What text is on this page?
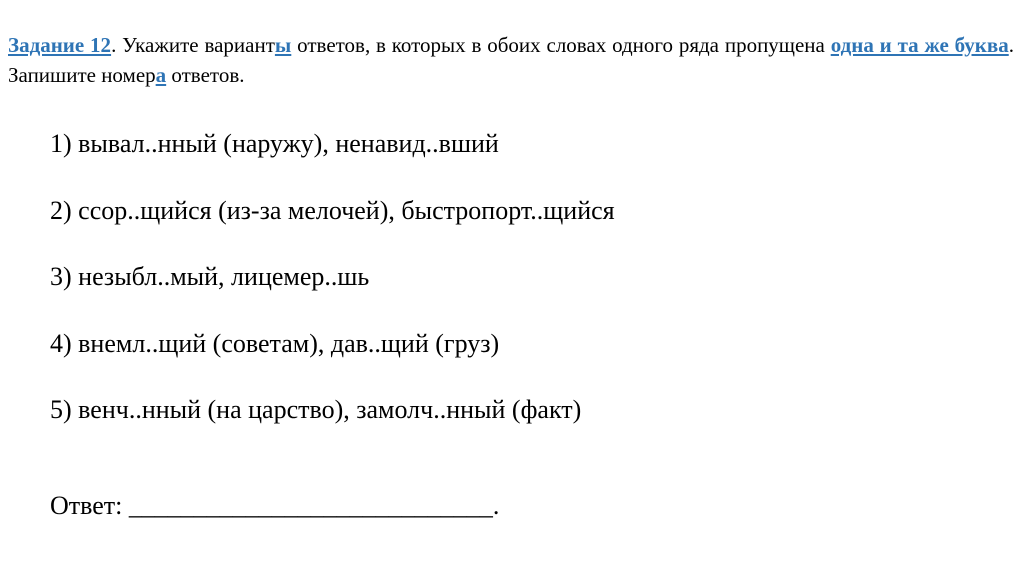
Задание 12. Укажите варианты ответов, в которых в обоих словах одного ряда пропущена одна и та же буква. Запишите номера ответов.
1) вывал..нный (наружу), ненавид..вший
2) ссор..щийся (из-за мелочей), быстропорт..щийся
3) незыбл..мый, лицемер..шь
4) внемл..щий (советам), дав..щий (груз)
5) венч..нный (на царство), замолч..нный (факт)
Ответ: ____________________________.
